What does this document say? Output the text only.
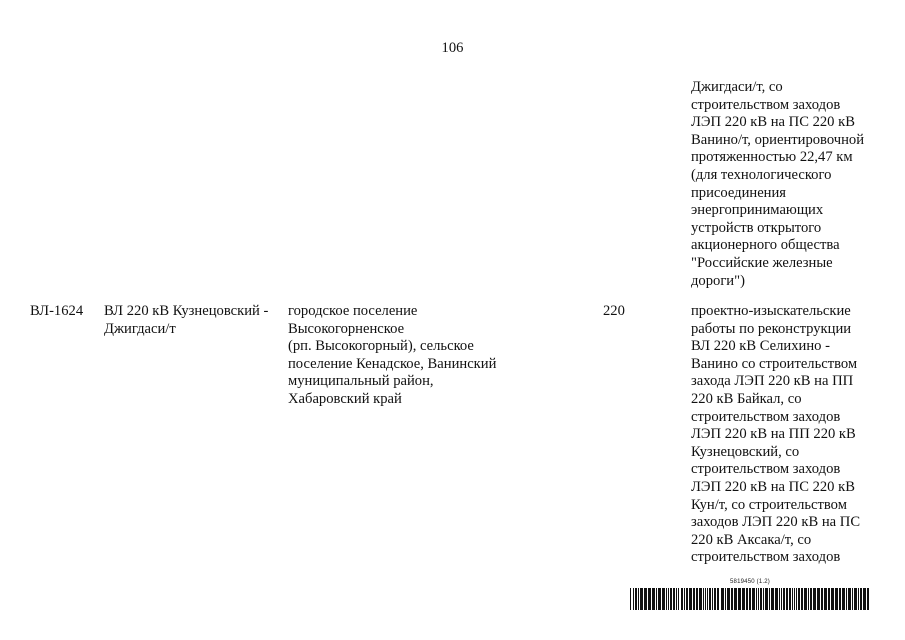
106
Джигдаси/т, со
строительством заходов
ЛЭП 220 кВ на ПС 220 кВ
Ванино/т, ориентировочной
протяженностью 22,47 км
(для технологического
присоединения
энергопринимающих
устройств открытого
акционерного общества
"Российские железные
дороги")
ВЛ-1624	ВЛ 220 кВ Кузнецовский -
Джигдаси/т
городское поселение
Высокогорненское
(рп. Высокогорный), сельское
поселение Кенадское, Ванинский
муниципальный район,
Хабаровский край
220	проектно-изыскательские
работы по реконструкции
ВЛ 220 кВ Селихино -
Ванино со строительством
захода ЛЭП 220 кВ на ПП
220 кВ Байкал, со
строительством заходов
ЛЭП 220 кВ на ПП 220 кВ
Кузнецовский, со
строительством заходов
ЛЭП 220 кВ на ПС 220 кВ
Кун/т, со строительством
заходов ЛЭП 220 кВ на ПС
220 кВ Аксака/т, со
строительством заходов
5819450 (1.2)
